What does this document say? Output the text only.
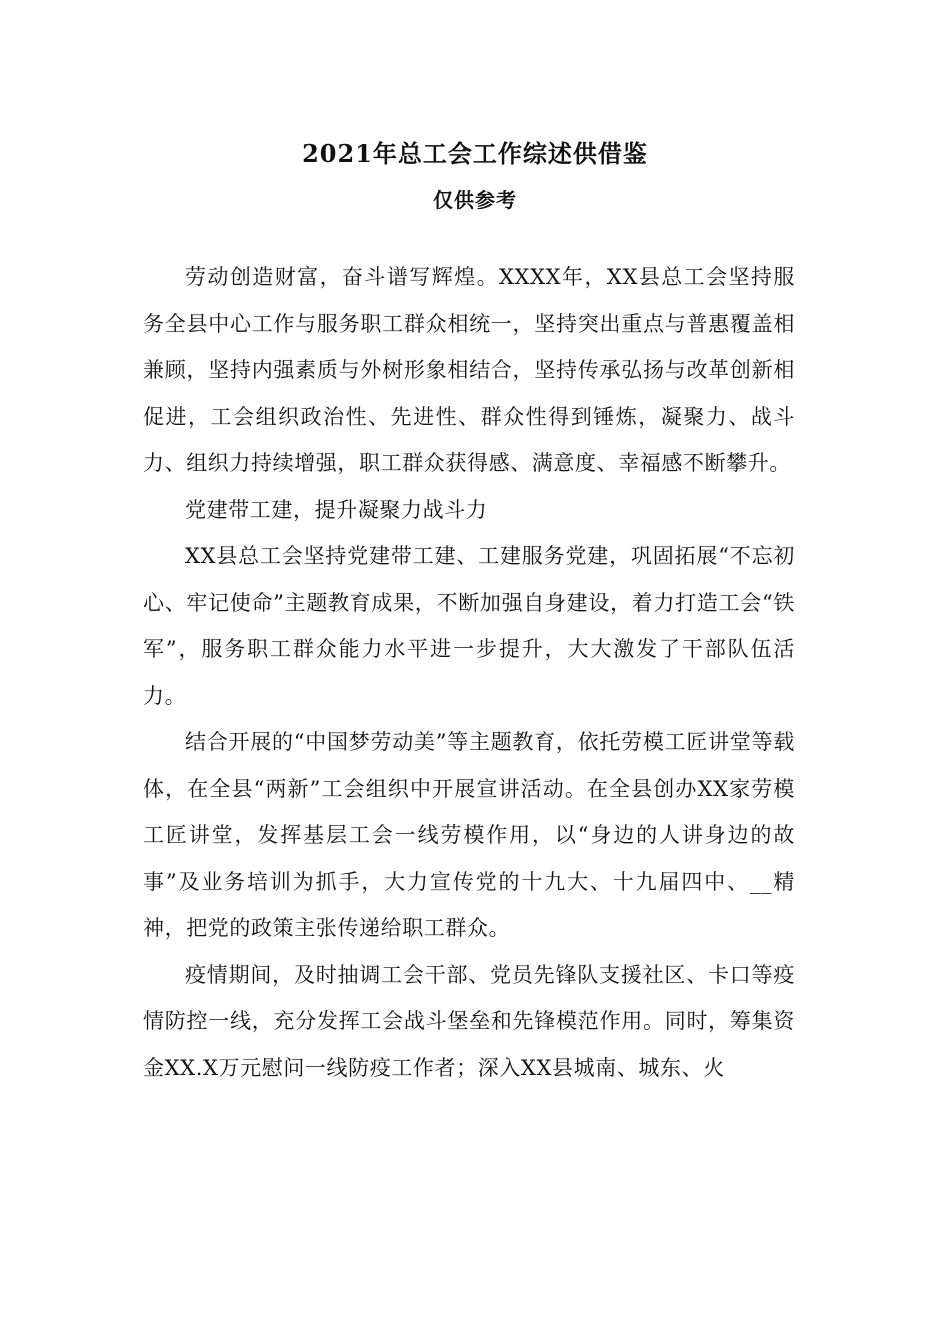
2021年总工会工作综述供借鉴
仅供参考

劳动创造财富，奋斗谱写辉煌。XXXX年，XX县总工会坚持服务全县中心工作与服务职工群众相统一，坚持突出重点与普惠覆盖相兼顾，坚持内强素质与外树形象相结合，坚持传承弘扬与改革创新相促进，工会组织政治性、先进性、群众性得到锤炼，凝聚力、战斗力、组织力持续增强，职工群众获得感、满意度、幸福感不断攀升。

党建带工建，提升凝聚力战斗力

XX县总工会坚持党建带工建、工建服务党建，巩固拓展“不忘初心、牢记使命”主题教育成果，不断加强自身建设，着力打造工会“铁军”，服务职工群众能力水平进一步提升，大大激发了干部队伍活力。

结合开展的“中国梦劳动美”等主题教育，依托劳模工匠讲堂等载体，在全县“两新”工会组织中开展宣讲活动。在全县创办XX家劳模工匠讲堂，发挥基层工会一线劳模作用，以“身边的人讲身边的故事”及业务培训为抓手，大力宣传党的十九大、十九届四中、__精神，把党的政策主张传递给职工群众。

疫情期间，及时抽调工会干部、党员先锋队支援社区、卡口等疫情防控一线，充分发挥工会战斗堡垒和先锋模范作用。同时，筹集资金XX.X万元慰问一线防疫工作者；深入XX县城南、城东、火
